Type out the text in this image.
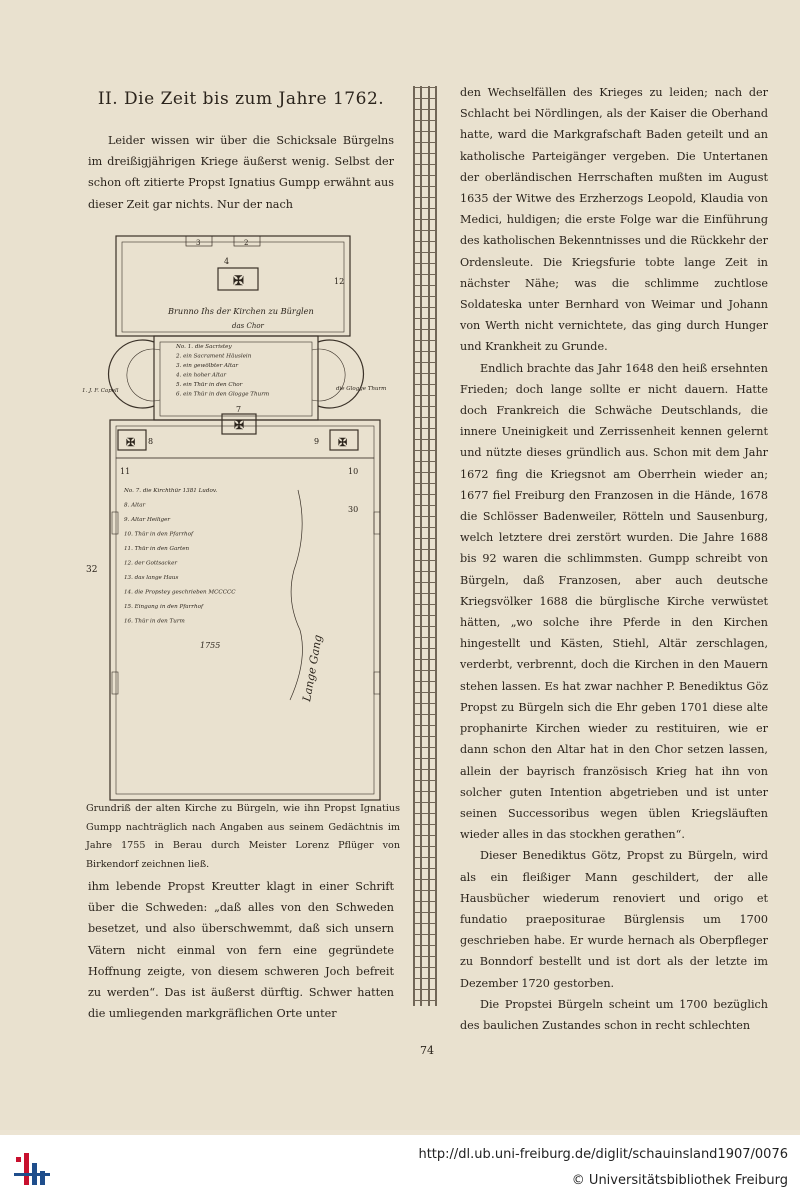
II. Die Zeit bis zum Jahre 1762.

Leider wissen wir über die Schicksale Bürgelns im dreißigjährigen Kriege äußerst wenig. Selbst der schon oft zitierte Propst Ignatius Gumpp erwähnt aus dieser Zeit gar nichts. Nur der nach

✠
✠
✠	✠
3	2
4
7
9
8
11	10
30
32
12
Brunno Ihs der Kirchen zu Bürglen
das Chor
1. J. F. Capell	die Glogge Thurm
1755	Lange Gang
No. 1. die Sacristey
2. ein Sacrament Häuslein
3. ein gewölbter Altar
4. ein hoher Altar
5. ein Thür in den Chor
6. ein Thür in den Glogge Thurm
No. 7. die Kirchthür 1381 Ludov.
8. Altar
9. Altar Heiliger
10. Thür in den Pfarrhof
11. Thür in den Garten
12. der Gottsacker
13. das lange Haus
14. die Propstey geschrieben MCCCCC
15. Eingang in den Pfarrhof
16. Thür in den Turm
Grundriß der alten Kirche zu Bürgeln, wie ihn Propst Ignatius Gumpp nachträglich nach Angaben aus seinem Gedächtnis im Jahre 1755 in Berau durch Meister Lorenz Pflüger von Birkendorf zeichnen ließ.

ihm lebende Propst Kreutter klagt in einer Schrift über die Schweden: „daß alles von den Schweden besetzet, und also überschwemmt, daß sich unsern Vätern nicht einmal von fern eine gegründete Hoffnung zeigte, von diesem schweren Joch befreit zu werden“. Das ist äußerst dürftig. Schwer hatten die umliegenden markgräflichen Orte unter

den Wechselfällen des Krieges zu leiden; nach der Schlacht bei Nördlingen, als der Kaiser die Oberhand hatte, ward die Markgrafschaft Baden geteilt und an katholische Parteigänger vergeben. Die Untertanen der oberländischen Herrschaften mußten im August 1635 der Witwe des Erzherzogs Leopold, Klaudia von Medici, huldigen; die erste Folge war die Einführung des katholischen Bekenntnisses und die Rückkehr der Ordensleute. Die Kriegsfurie tobte lange Zeit in nächster Nähe; was die schlimme zuchtlose Soldateska unter Bernhard von Weimar und Johann von Werth nicht vernichtete, das ging durch Hunger und Krankheit zu Grunde.

Endlich brachte das Jahr 1648 den heiß ersehnten Frieden; doch lange sollte er nicht dauern. Hatte doch Frankreich die Schwäche Deutschlands, die innere Uneinigkeit und Zerrissenheit kennen gelernt und nützte dieses gründlich aus. Schon mit dem Jahr 1672 fing die Kriegsnot am Oberrhein wieder an; 1677 fiel Freiburg den Franzosen in die Hände, 1678 die Schlösser Badenweiler, Rötteln und Sausenburg, welch letztere drei zerstört wurden. Die Jahre 1688 bis 92 waren die schlimmsten. Gumpp schreibt von Bürgeln, daß Franzosen, aber auch deutsche Kriegsvölker 1688 die bürglische Kirche verwüstet hätten, „wo solche ihre Pferde in den Kirchen hingestellt und Kästen, Stiehl, Altär zerschlagen, verderbt, verbrennt, doch die Kirchen in den Mauern stehen lassen. Es hat zwar nachher P. Benediktus Göz Propst zu Bürgeln sich die Ehr geben 1701 diese alte prophanirte Kirchen wieder zu restituiren, wie er dann schon den Altar hat in den Chor setzen lassen, allein der bayrisch französisch Krieg hat ihn von solcher guten Intention abgetrieben und ist unter seinen Successoribus wegen üblen Kriegsläuften wieder alles in das stockhen gerathen“.

Dieser Benediktus Götz, Propst zu Bürgeln, wird als ein fleißiger Mann geschildert, der alle Hausbücher wiederum renoviert und origo et fundatio praepositurae Bürglensis um 1700 geschrieben habe. Er wurde hernach als Oberpfleger zu Bonndorf bestellt und ist dort als der letzte im Dezember 1720 gestorben.

Die Propstei Bürgeln scheint um 1700 bezüglich des baulichen Zustandes schon in recht schlechten

74
http://dl.ub.uni-freiburg.de/diglit/schauinsland1907/0076
© Universitätsbibliothek Freiburg
